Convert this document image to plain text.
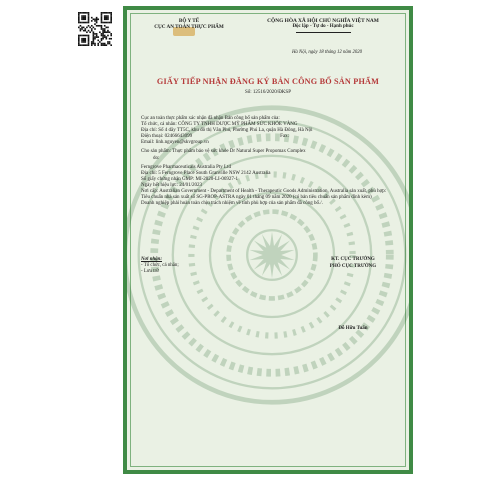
BỘ Y TẾ
CỤC AN TOÀN THỰC PHẨM
CỘNG HÒA XÃ HỘI CHỦ NGHĨA VIỆT NAM
Độc lập - Tự do - Hạnh phúc
Hà Nội, ngày 18 tháng 12 năm 2020
GIẤY TIẾP NHẬN ĐĂNG KÝ BẢN CÔNG BỐ SẢN PHẨM
Số: 12516/2020/ĐKSP
Cục an toàn thực phẩm xác nhận đã nhận Bản công bố sản phẩm của:
Tổ chức, cá nhân: CÔNG TY TNHH DƯỢC MỸ PHẨM SỨC KHỎE VÀNG
Địa chỉ: Số 4 dãy TT5C, khu đô thị Văn Phú, Phường Phú La, quận Hà Đông, Hà Nội
Điện thoại: 02466643099	Fax:
Email: linh.nguyen@skvgroup.vn
Cho sản phẩm: Thực phẩm bảo vệ sức khỏe Dr Natural Super Propomax Complex
do:
Ferngrove Pharmaceuticals Australia Pty Ltd
Địa chỉ: 5 Ferngrove Place South Granville NSW 2142 Australia
Số giấy chứng nhận GMP: MI-2020-LI-06927-1
Ngày hết hiệu lực: 24/01/2023
Nơi cấp: Australian Government - Department of Health - Therapeutic Goods Administration, Australia sản xuất, phù hợp:
Tiêu chuẩn nhà sản xuất số SG-PROP-ASTRA ngày 01 tháng 09 năm 2020 (có bản tiêu chuẩn sản phẩm đính kèm)
Doanh nghiệp phải hoàn toàn chịu trách nhiệm về tính phù hợp của sản phẩm đã công bố./.
Nơi nhận:
- Tổ chức, cá nhân;
- Lưu trữ
KT. CỤC TRƯỞNG
PHÓ CỤC TRƯỞNG
Đỗ Hữu Tuấn
